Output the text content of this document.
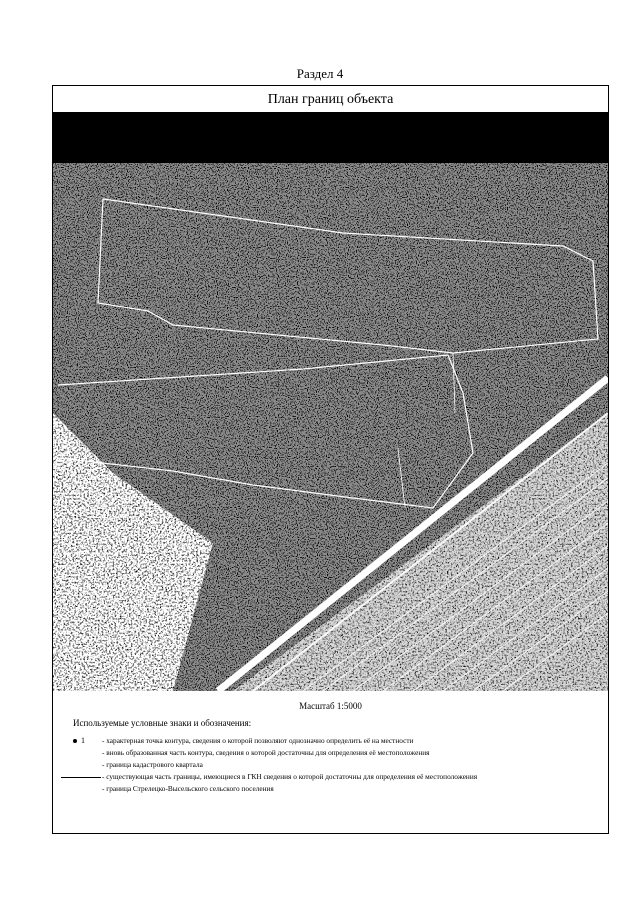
Раздел 4
План границ объекта
Масштаб 1:5000
Используемые условные знаки и обозначения:
1 - характерная точка контура, сведения о которой позволяют однозначно определить её на местности
- вновь образованная часть контура, сведения о которой достаточны для определения её местоположения
- граница кадастрового квартала
- существующая часть границы, имеющиеся в ГКН сведения о которой достаточны для определения её местоположения
- граница Стрелецко-Высельского сельского поселения
